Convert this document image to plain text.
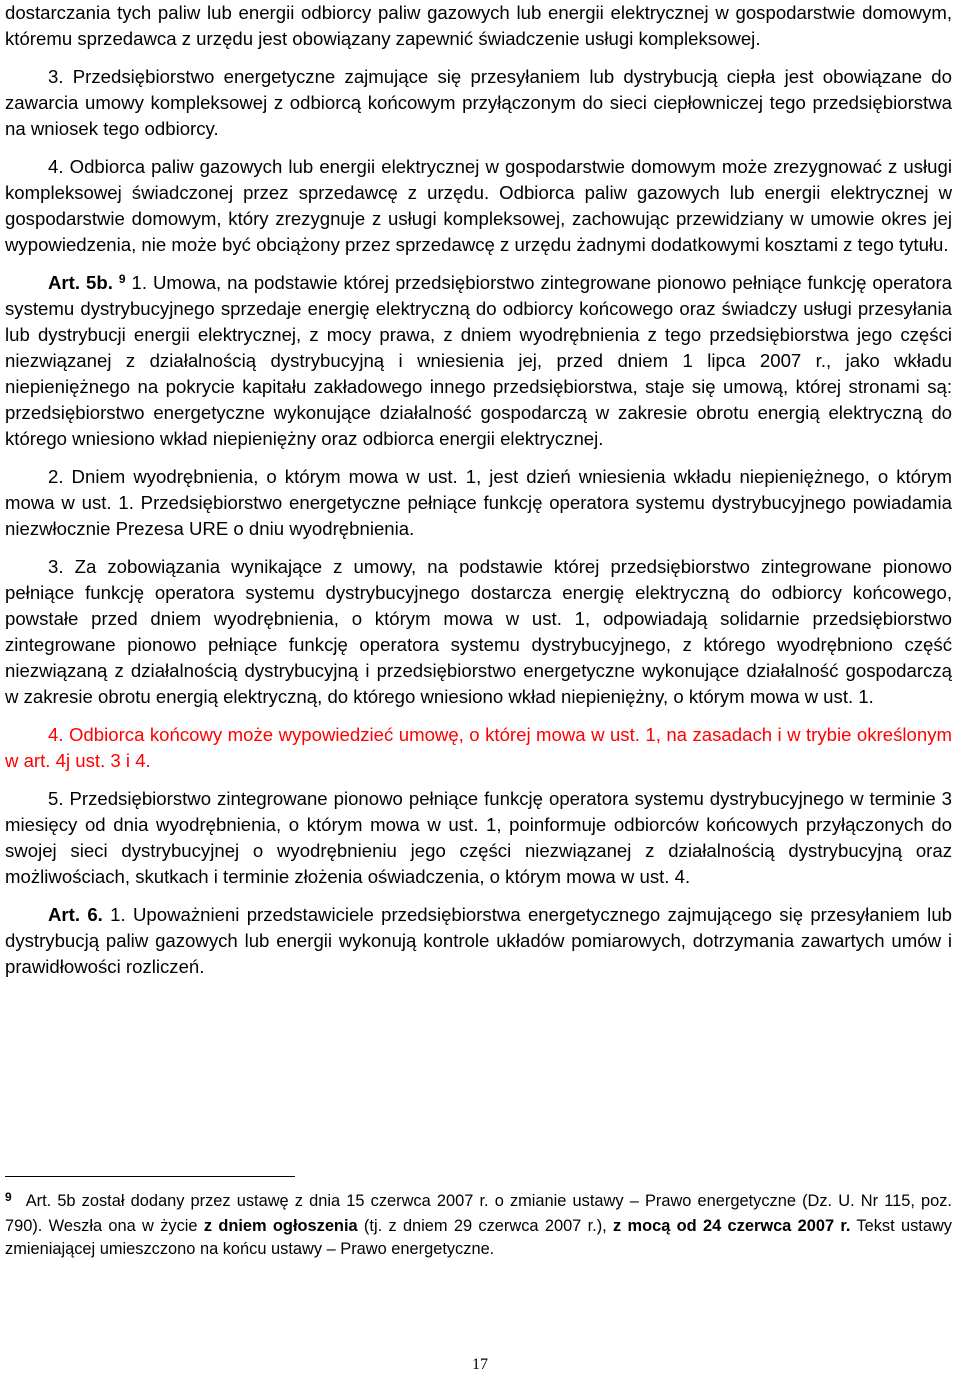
dostarczania tych paliw lub energii odbiorcy paliw gazowych lub energii elektrycznej w gospodarstwie domowym, któremu sprzedawca z urzędu jest obowiązany zapewnić świadczenie usługi kompleksowej.

3. Przedsiębiorstwo energetyczne zajmujące się przesyłaniem lub dystrybucją ciepła jest obowiązane do zawarcia umowy kompleksowej z odbiorcą końcowym przyłączonym do sieci ciepłowniczej tego przedsiębiorstwa na wniosek tego odbiorcy.

4. Odbiorca paliw gazowych lub energii elektrycznej w gospodarstwie domowym może zrezygnować z usługi kompleksowej świadczonej przez sprzedawcę z urzędu. Odbiorca paliw gazowych lub energii elektrycznej w gospodarstwie domowym, który zrezygnuje z usługi kompleksowej, zachowując przewidziany w umowie okres jej wypowiedzenia, nie może być obciążony przez sprzedawcę z urzędu żadnymi dodatkowymi kosztami z tego tytułu.

Art. 5b. $^9$ 1. Umowa, na podstawie której przedsiębiorstwo zintegrowane pionowo pełniące funkcję operatora systemu dystrybucyjnego sprzedaje energię elektryczną do odbiorcy końcowego oraz świadczy usługi przesyłania lub dystrybucji energii elektrycznej, z mocy prawa, z dniem wyodrębnienia z tego przedsiębiorstwa jego części niezwiązanej z działalnością dystrybucyjną i wniesienia jej, przed dniem 1 lipca 2007 r., jako wkładu niepieniężnego na pokrycie kapitału zakładowego innego przedsiębiorstwa, staje się umową, której stronami są: przedsiębiorstwo energetyczne wykonujące działalność gospodarczą w zakresie obrotu energią elektryczną do którego wniesiono wkład niepieniężny oraz odbiorca energii elektrycznej.

2. Dniem wyodrębnienia, o którym mowa w ust. 1, jest dzień wniesienia wkładu niepieniężnego, o którym mowa w ust. 1. Przedsiębiorstwo energetyczne pełniące funkcję operatora systemu dystrybucyjnego powiadamia niezwłocznie Prezesa URE o dniu wyodrębnienia.

3. Za zobowiązania wynikające z umowy, na podstawie której przedsiębiorstwo zintegrowane pionowo pełniące funkcję operatora systemu dystrybucyjnego dostarcza energię elektryczną do odbiorcy końcowego, powstałe przed dniem wyodrębnienia, o którym mowa w ust. 1, odpowiadają solidarnie przedsiębiorstwo zintegrowane pionowo pełniące funkcję operatora systemu dystrybucyjnego, z którego wyodrębniono część niezwiązaną z działalnością dystrybucyjną i przedsiębiorstwo energetyczne wykonujące działalność gospodarczą w zakresie obrotu energią elektryczną, do którego wniesiono wkład niepieniężny, o którym mowa w ust. 1.

4. Odbiorca końcowy może wypowiedzieć umowę, o której mowa w ust. 1, na zasadach i w trybie określonym w art. 4j ust. 3 i 4.

5. Przedsiębiorstwo zintegrowane pionowo pełniące funkcję operatora systemu dystrybucyjnego w terminie 3 miesięcy od dnia wyodrębnienia, o którym mowa w ust. 1, poinformuje odbiorców końcowych przyłączonych do swojej sieci dystrybucyjnej o wyodrębnieniu jego części niezwiązanej z działalnością dystrybucyjną oraz możliwościach, skutkach i terminie złożenia oświadczenia, o którym mowa w ust. 4.

Art. 6. 1. Upoważnieni przedstawiciele przedsiębiorstwa energetycznego zajmującego się przesyłaniem lub dystrybucją paliw gazowych lub energii wykonują kontrole układów pomiarowych, dotrzymania zawartych umów i prawidłowości rozliczeń.

$^9$ Art. 5b został dodany przez ustawę z dnia 15 czerwca 2007 r. o zmianie ustawy – Prawo energetyczne (Dz. U. Nr 115, poz. 790). Weszła ona w życie z dniem ogłoszenia (tj. z dniem 29 czerwca 2007 r.), z mocą od 24 czerwca 2007 r. Tekst ustawy zmieniającej umieszczono na końcu ustawy – Prawo energetyczne.

17
